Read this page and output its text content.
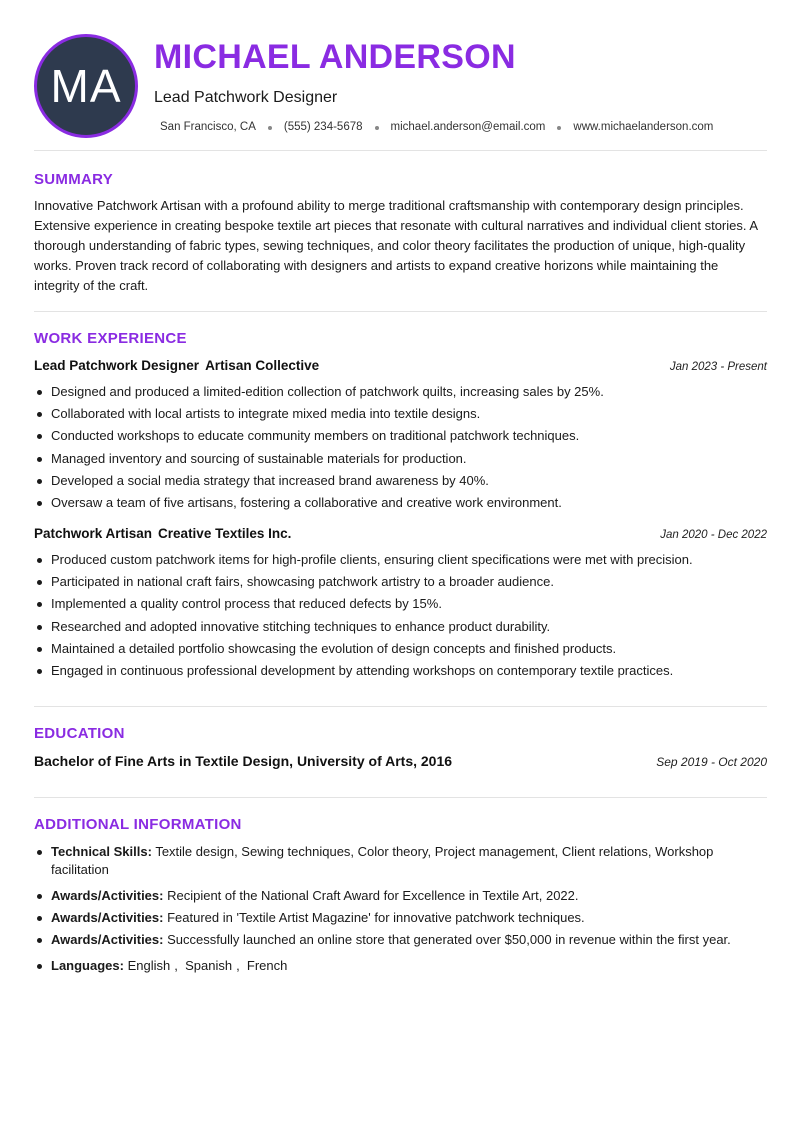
MA
MICHAEL ANDERSON
Lead Patchwork Designer
San Francisco, CA (555) 234-5678 michael.anderson@email.com www.michaelanderson.com
SUMMARY
Innovative Patchwork Artisan with a profound ability to merge traditional craftsmanship with contemporary design principles. Extensive experience in creating bespoke textile art pieces that resonate with cultural narratives and individual client stories. A thorough understanding of fabric types, sewing techniques, and color theory facilitates the production of unique, high-quality works. Proven track record of collaborating with designers and artists to expand creative horizons while maintaining the integrity of the craft.
WORK EXPERIENCE
Lead Patchwork Designer Artisan Collective	Jan 2023 - Present
Designed and produced a limited-edition collection of patchwork quilts, increasing sales by 25%.
Collaborated with local artists to integrate mixed media into textile designs.
Conducted workshops to educate community members on traditional patchwork techniques.
Managed inventory and sourcing of sustainable materials for production.
Developed a social media strategy that increased brand awareness by 40%.
Oversaw a team of five artisans, fostering a collaborative and creative work environment.
Patchwork Artisan Creative Textiles Inc.	Jan 2020 - Dec 2022
Produced custom patchwork items for high-profile clients, ensuring client specifications were met with precision.
Participated in national craft fairs, showcasing patchwork artistry to a broader audience.
Implemented a quality control process that reduced defects by 15%.
Researched and adopted innovative stitching techniques to enhance product durability.
Maintained a detailed portfolio showcasing the evolution of design concepts and finished products.
Engaged in continuous professional development by attending workshops on contemporary textile practices.
EDUCATION
Bachelor of Fine Arts in Textile Design, University of Arts, 2016	Sep 2019 - Oct 2020
ADDITIONAL INFORMATION
Technical Skills: Textile design, Sewing techniques, Color theory, Project management, Client relations, Workshop facilitation
Awards/Activities: Recipient of the National Craft Award for Excellence in Textile Art, 2022.
Awards/Activities: Featured in 'Textile Artist Magazine' for innovative patchwork techniques.
Awards/Activities: Successfully launched an online store that generated over $50,000 in revenue within the first year.
Languages: English ,  Spanish ,  French
